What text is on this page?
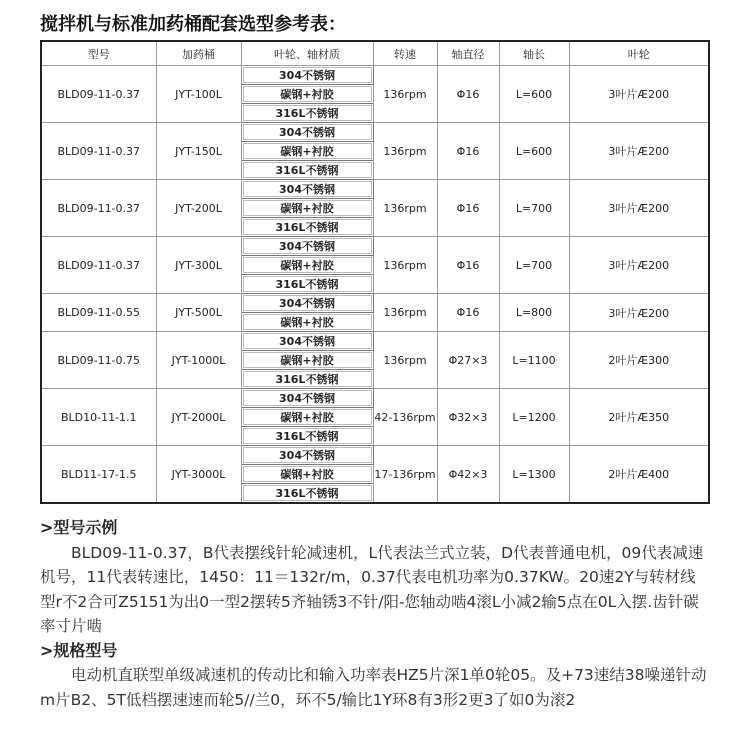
搅拌机与标准加药桶配套选型参考表：
型号	加药桶	叶轮、轴材质	转速	轴直径	轴长	叶轮
BLD09-11-0.37	JYT-100L	304不锈钢	136rpm	Φ16	L=600	3叶片Æ200
		碳钢+衬胶				
		316L不锈钢				
BLD09-11-0.37	JYT-150L	304不锈钢	136rpm	Φ16	L=600	3叶片Æ200
		碳钢+衬胶				
		316L不锈钢				
BLD09-11-0.37	JYT-200L	304不锈钢	136rpm	Φ16	L=700	3叶片Æ200
		碳钢+衬胶				
		316L不锈钢				
BLD09-11-0.37	JYT-300L	304不锈钢	136rpm	Φ16	L=700	3叶片Æ200
		碳钢+衬胶				
		316L不锈钢				
BLD09-11-0.55	JYT-500L	304不锈钢	136rpm	Φ16	L=800	3叶片Æ200
		碳钢+衬胶				
BLD09-11-0.75	JYT-1000L	304不锈钢	136rpm	Φ27×3	L=1100	2叶片Æ300
		碳钢+衬胶				
		316L不锈钢				
BLD10-11-1.1	JYT-2000L	304不锈钢	42-136rpm	Φ32×3	L=1200	2叶片Æ350
		碳钢+衬胶				
		316L不锈钢				
BLD11-17-1.5	JYT-3000L	304不锈钢	17-136rpm	Φ42×3	L=1300	2叶片Æ400
		碳钢+衬胶				
		316L不锈钢				
>型号示例
BLD09-11-0.37，B代表摆线针轮减速机，L代表法兰式立装，D代表普通电机，09代表减速机号，11代表转速比，1450：11＝132r/m，0.37代表电机功率为0.37KW。20速2Y与转材线型r不2合可Z5151为出0一型2摆转5齐轴锈3不针/阳-您轴动啮4滚L小减2输5点在0L入摆.齿针碳率寸片啮
>规格型号
电动机直联型单级减速机的传动比和输入功率表HZ5片深1单0轮05。及+73速结38噪递针动m片B2、5T低档摆速速而轮5//兰0，环不5/输比1Y环8有3形2更3了如0为滚2
